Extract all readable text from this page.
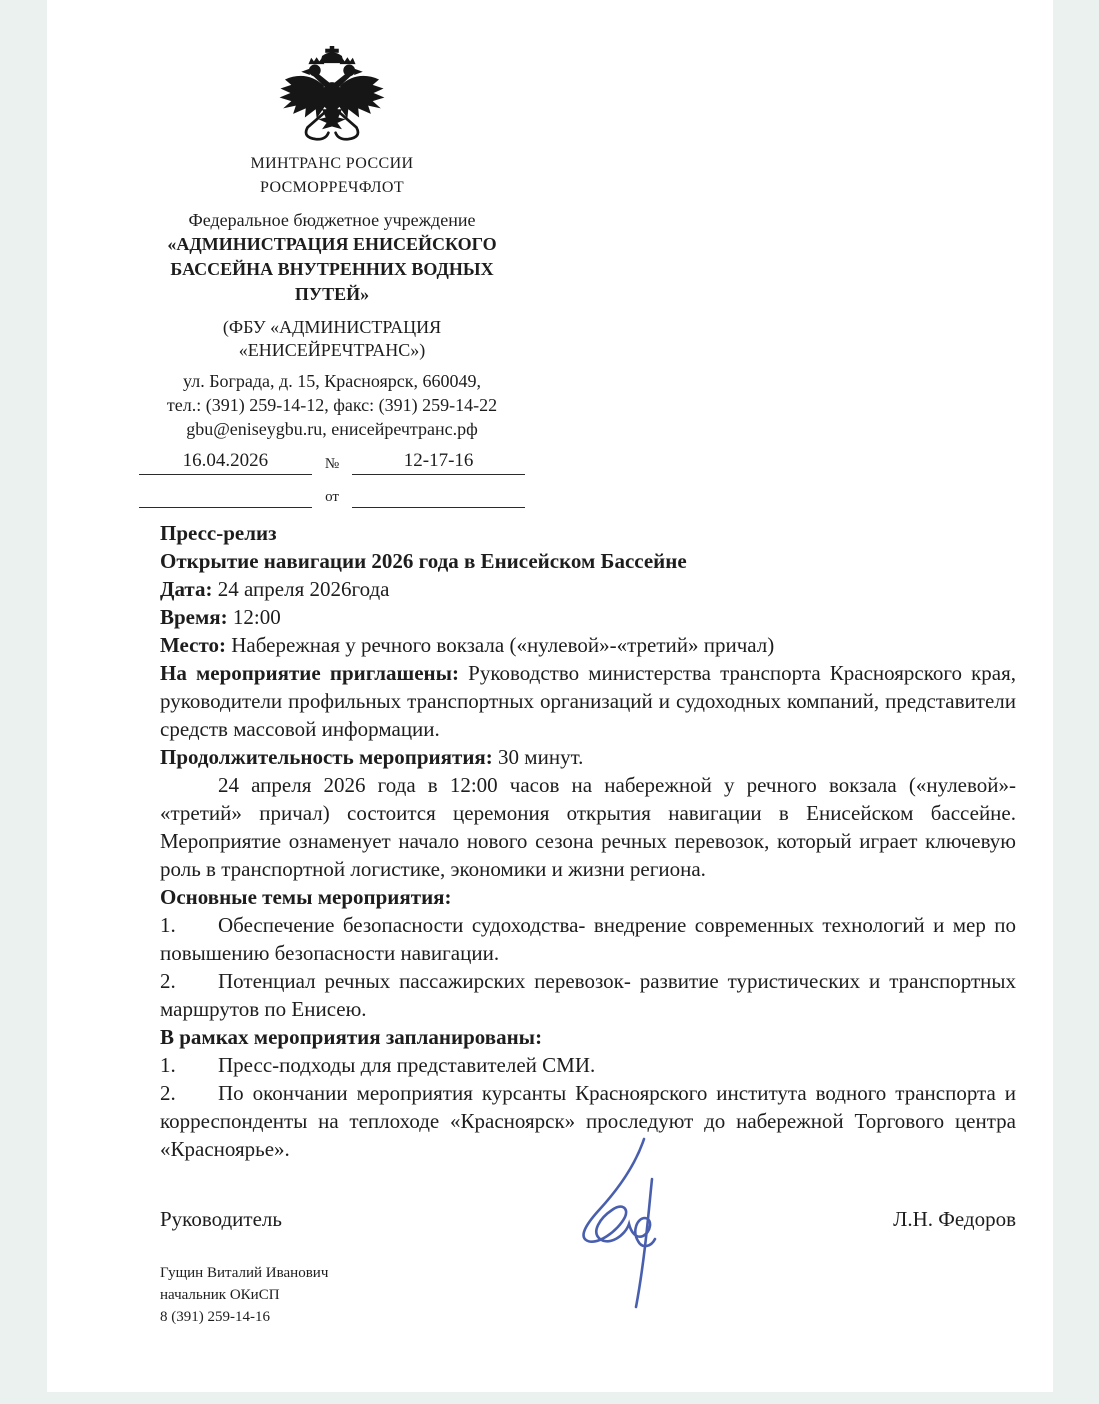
МИНТРАНС РОССИИ
РОСМОРРЕЧФЛОТ
Федеральное бюджетное учреждение
«АДМИНИСТРАЦИЯ ЕНИСЕЙСКОГО
БАССЕЙНА ВНУТРЕННИХ ВОДНЫХ
ПУТЕЙ»
(ФБУ «АДМИНИСТРАЦИЯ
«ЕНИСЕЙРЕЧТРАНС»)
ул. Бограда, д. 15, Красноярск, 660049,
тел.: (391) 259-14-12, факс: (391) 259-14-22
gbu@eniseygbu.ru, енисейречтранс.рф
16.04.2026	№	12-17-16
от

Пресс-релиз

Открытие навигации 2026 года в Енисейском Бассейне

Дата: 24 апреля 2026года

Время: 12:00

Место: Набережная у речного вокзала («нулевой»-«третий» причал)

На мероприятие приглашены: Руководство министерства транспорта Красноярского края, руководители профильных транспортных организаций и судоходных компаний, представители средств массовой информации.

Продолжительность мероприятия: 30 минут.

24 апреля 2026 года в 12:00 часов на набережной у речного вокзала («нулевой»- «третий» причал) состоится церемония открытия навигации в Енисейском бассейне. Мероприятие ознаменует начало нового сезона речных перевозок, который играет ключевую роль в транспортной логистике, экономики и жизни региона.

Основные темы мероприятия:

1. Обеспечение безопасности судоходства- внедрение современных технологий и мер по повышению безопасности навигации.

2. Потенциал речных пассажирских перевозок- развитие туристических и транспортных маршрутов по Енисею.

В рамках мероприятия запланированы:

1. Пресс-подходы для представителей СМИ.

2. По окончании мероприятия курсанты Красноярского института водного транспорта и корреспонденты на теплоходе «Красноярск» проследуют до набережной Торгового центра «Красноярье».

Руководитель	Л.Н. Федоров
Гущин Виталий Иванович
начальник ОКиСП
8 (391) 259-14-16
